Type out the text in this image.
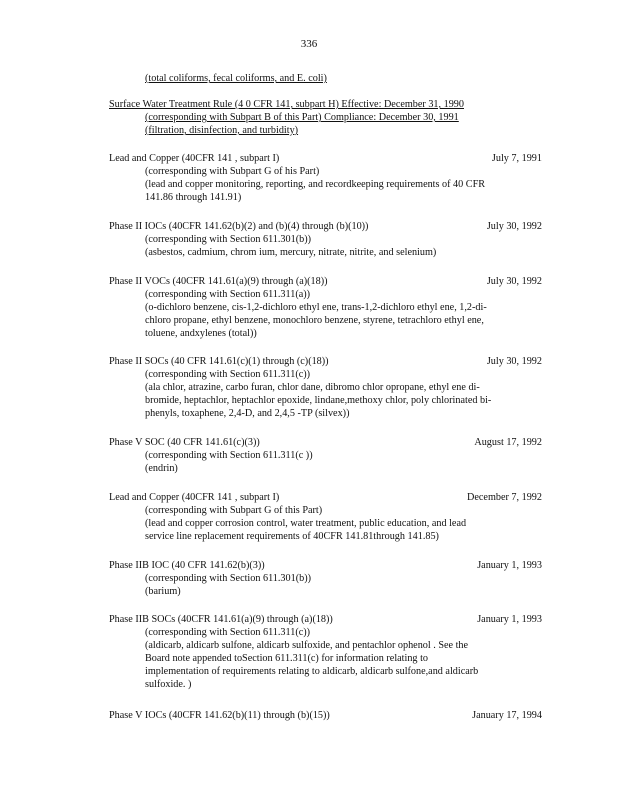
336
(total coliforms, fecal coliforms, and E. coli)
Surface Water Treatment Rule (4 0 CFR 141, subpart H) Effective: December 31, 1990
(corresponding with Subpart B of this Part) Compliance: December 30, 1991
(filtration, disinfection, and turbidity)
Lead and Copper (40CFR 141 , subpart I)	July 7, 1991
(corresponding with Subpart G of his Part)
(lead and copper monitoring, reporting, and recordkeeping requirements of 40 CFR
141.86 through 141.91)
Phase II IOCs (40CFR 141.62(b)(2) and (b)(4) through (b)(10))	July 30, 1992
(corresponding with Section 611.301(b))
(asbestos, cadmium, chrom ium, mercury, nitrate, nitrite, and selenium)
Phase II VOCs (40CFR 141.61(a)(9) through (a)(18))	July 30, 1992
(corresponding with Section 611.311(a))
(o-dichloro benzene, cis-1,2-dichloro ethyl ene, trans-1,2-dichloro ethyl ene, 1,2-di-
chloro propane, ethyl benzene, monochloro benzene, styrene, tetrachloro ethyl ene,
toluene, andxylenes (total))
Phase II SOCs (40 CFR 141.61(c)(1) through (c)(18))	July 30, 1992
(corresponding with Section 611.311(c))
(ala chlor, atrazine, carbo furan, chlor dane, dibromo chlor opropane, ethyl ene di-
bromide, heptachlor, heptachlor epoxide, lindane,methoxy chlor, poly chlorinated bi-
phenyls, toxaphene, 2,4-D, and 2,4,5 -TP (silvex))
Phase V SOC (40 CFR 141.61(c)(3))	August 17, 1992
(corresponding with Section 611.311(c ))
(endrin)
Lead and Copper (40CFR 141 , subpart I)	December 7, 1992
(corresponding with Subpart G of this Part)
(lead and copper corrosion control, water treatment, public education, and lead
service line replacement requirements of 40CFR 141.81through 141.85)
Phase IIB IOC (40 CFR 141.62(b)(3))	January 1, 1993
(corresponding with Section 611.301(b))
(barium)
Phase IIB SOCs (40CFR 141.61(a)(9) through (a)(18))	January 1, 1993
(corresponding with Section 611.311(c))
(aldicarb, aldicarb sulfone, aldicarb sulfoxide, and pentachlor ophenol . See the
Board note appended toSection 611.311(c) for information relating to
implementation of requirements relating to aldicarb, aldicarb sulfone,and aldicarb
sulfoxide. )
Phase V IOCs (40CFR 141.62(b)(11) through (b)(15))	January 17, 1994
